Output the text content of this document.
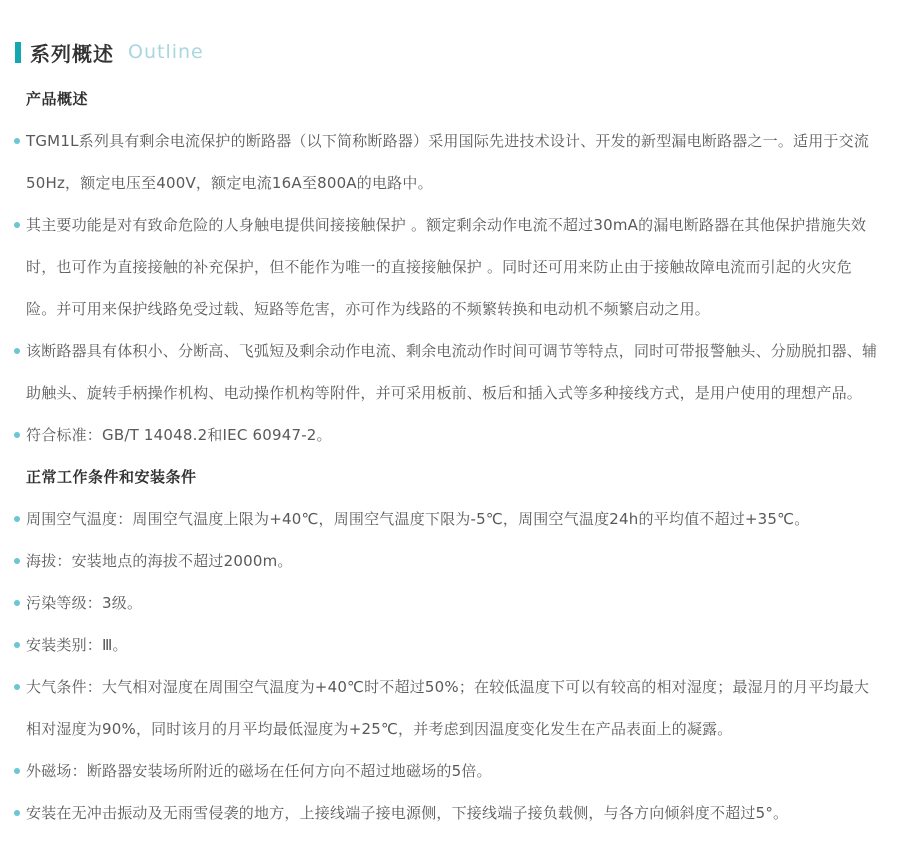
系列概述 Outline
产品概述
TGM1L系列具有剩余电流保护的断路器（以下简称断路器）采用国际先进技术设计、开发的新型漏电断路器之一。适用于交流50Hz，额定电压至400V，额定电流16A至800A的电路中。
其主要功能是对有致命危险的人身触电提供间接接触保护 。额定剩余动作电流不超过30mA的漏电断路器在其他保护措施失效时，也可作为直接接触的补充保护，但不能作为唯一的直接接触保护 。同时还可用来防止由于接触故障电流而引起的火灾危险。并可用来保护线路免受过载、短路等危害，亦可作为线路的不频繁转换和电动机不频繁启动之用。
该断路器具有体积小、分断高、飞弧短及剩余动作电流、剩余电流动作时间可调节等特点，同时可带报警触头、分励脱扣器、辅助触头、旋转手柄操作机构、电动操作机构等附件，并可采用板前、板后和插入式等多种接线方式，是用户使用的理想产品。
符合标准：GB/T 14048.2和IEC 60947-2。
正常工作条件和安装条件
周围空气温度：周围空气温度上限为+40℃，周围空气温度下限为-5℃，周围空气温度24h的平均值不超过+35℃。
海拔：安装地点的海拔不超过2000m。
污染等级：3级。
安装类别：Ⅲ。
大气条件：大气相对湿度在周围空气温度为+40℃时不超过50%；在较低温度下可以有较高的相对湿度；最湿月的月平均最大相对湿度为90%，同时该月的月平均最低湿度为+25℃，并考虑到因温度变化发生在产品表面上的凝露。
外磁场：断路器安装场所附近的磁场在任何方向不超过地磁场的5倍。
安装在无冲击振动及无雨雪侵袭的地方，上接线端子接电源侧，下接线端子接负载侧，与各方向倾斜度不超过5°。
